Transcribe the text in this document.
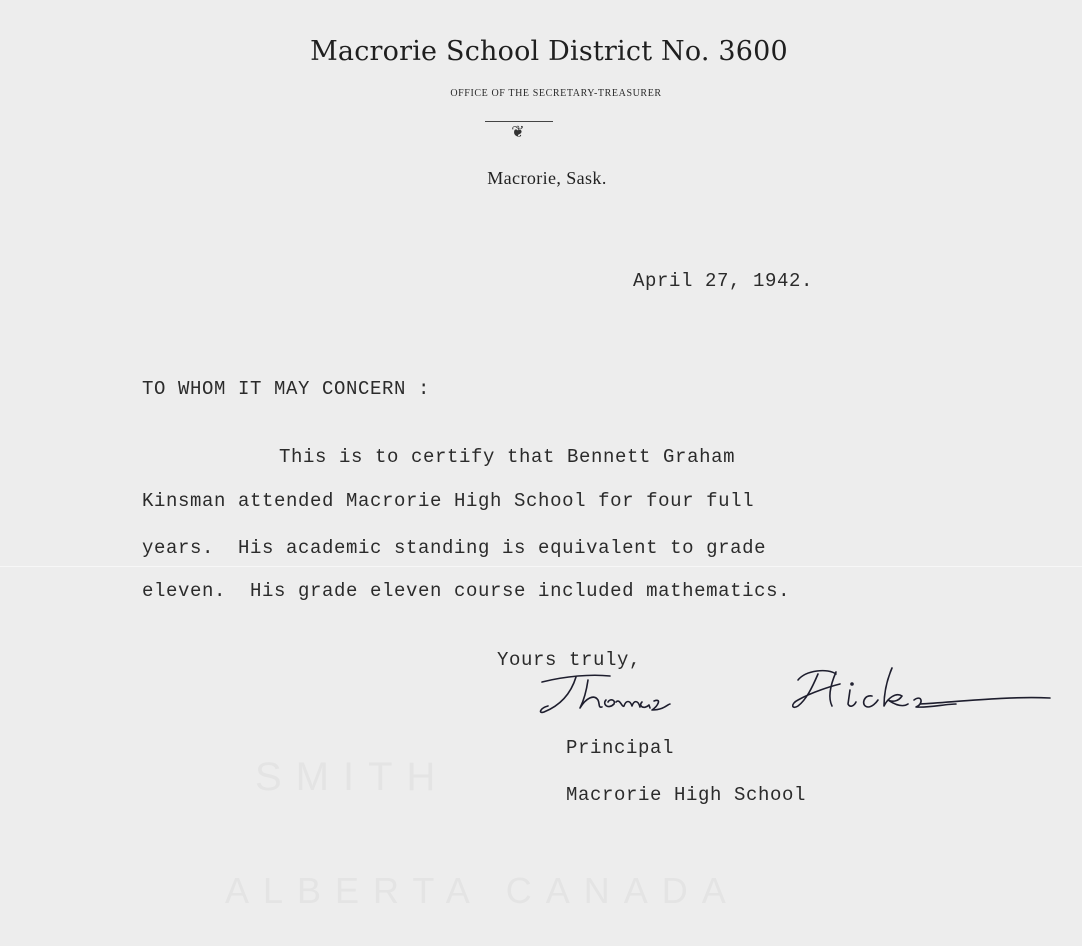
SMITH
ALBERTA CANADA
Macrorie School District No. 3600
OFFICE OF THE SECRETARY-TREASURER
❦
Macrorie, Sask.
April 27, 1942.
TO WHOM IT MAY CONCERN :
This is to certify that Bennett Graham
Kinsman attended Macrorie High School for four full
years.  His academic standing is equivalent to grade
eleven.  His grade eleven course included mathematics.
Yours truly,
Principal
Macrorie High School
